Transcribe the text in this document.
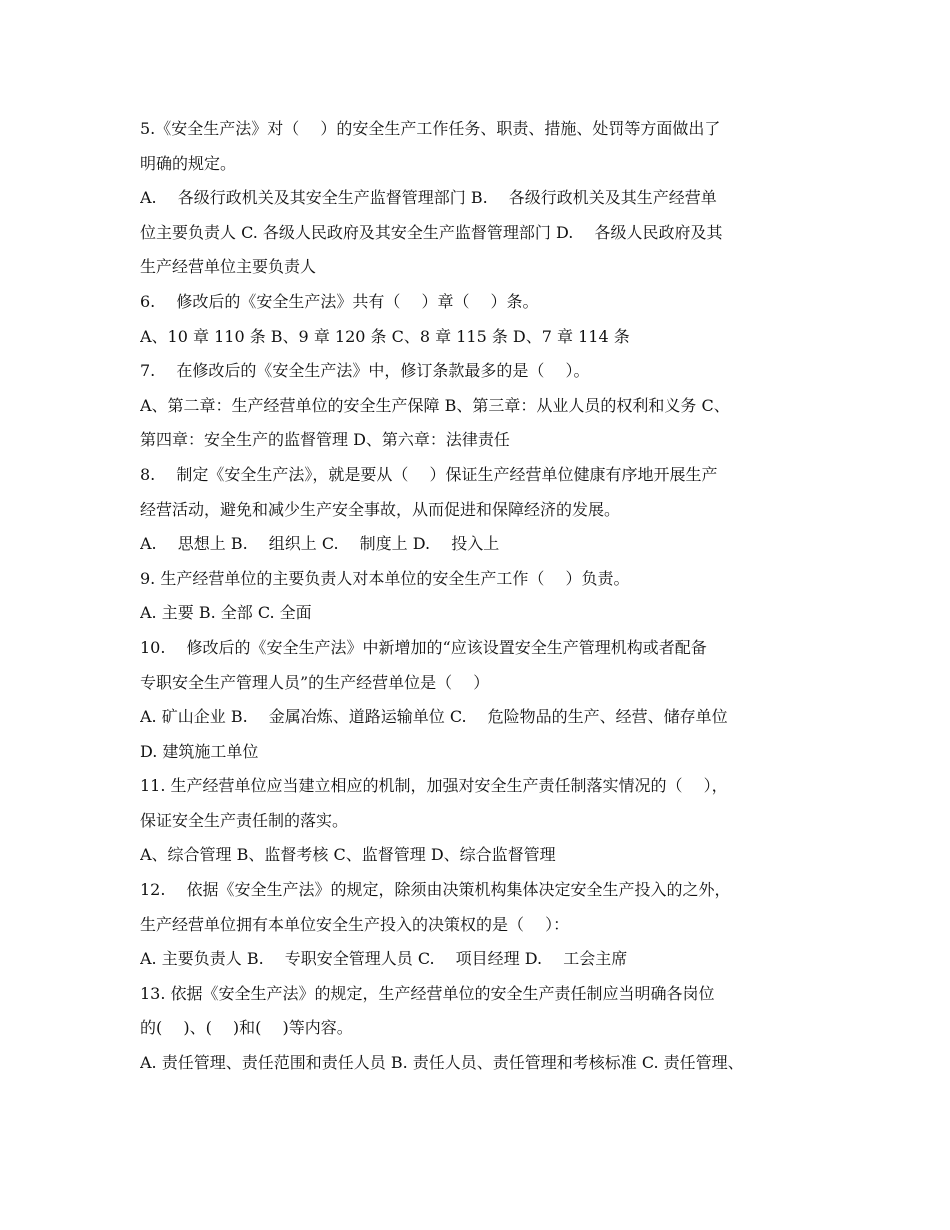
5.《安全生产法》对（　 ）的安全生产工作任务、职责、措施、处罚等方面做出了
明确的规定。
A.　 各级行政机关及其安全生产监督管理部门 B.　 各级行政机关及其生产经营单
位主要负责人 C. 各级人民政府及其安全生产监督管理部门 D.　 各级人民政府及其
生产经营单位主要负责人
6.　 修改后的《安全生产法》共有（　 ）章（　 ）条。
A、10 章 110 条 B、9 章 120 条 C、8 章 115 条 D、7 章 114 条
7.　 在修改后的《安全生产法》中，修订条款最多的是（　 ）。
A、第二章：生产经营单位的安全生产保障 B、第三章：从业人员的权利和义务 C、
第四章：安全生产的监督管理 D、第六章：法律责任
8.　 制定《安全生产法》，就是要从（　 ）保证生产经营单位健康有序地开展生产
经营活动，避免和减少生产安全事故，从而促进和保障经济的发展。
A.　 思想上 B.　 组织上 C.　 制度上 D.　 投入上
9. 生产经营单位的主要负责人对本单位的安全生产工作（　 ）负责。
A. 主要 B. 全部 C. 全面
10.　 修改后的《安全生产法》中新增加的“应该设置安全生产管理机构或者配备
专职安全生产管理人员”的生产经营单位是（　 ）
A. 矿山企业 B.　 金属冶炼、道路运输单位 C.　 危险物品的生产、经营、储存单位
D. 建筑施工单位
11. 生产经营单位应当建立相应的机制，加强对安全生产责任制落实情况的（　 ），
保证安全生产责任制的落实。
A、综合管理 B、监督考核 C、监督管理 D、综合监督管理
12.　 依据《安全生产法》的规定，除须由决策机构集体决定安全生产投入的之外，
生产经营单位拥有本单位安全生产投入的决策权的是（　 ）：
A. 主要负责人 B.　 专职安全管理人员 C.　 项目经理 D.　 工会主席
13. 依据《安全生产法》的规定，生产经营单位的安全生产责任制应当明确各岗位
的(　 )、(　 )和(　 )等内容。
A. 责任管理、责任范围和责任人员 B. 责任人员、责任管理和考核标准 C. 责任管理、
